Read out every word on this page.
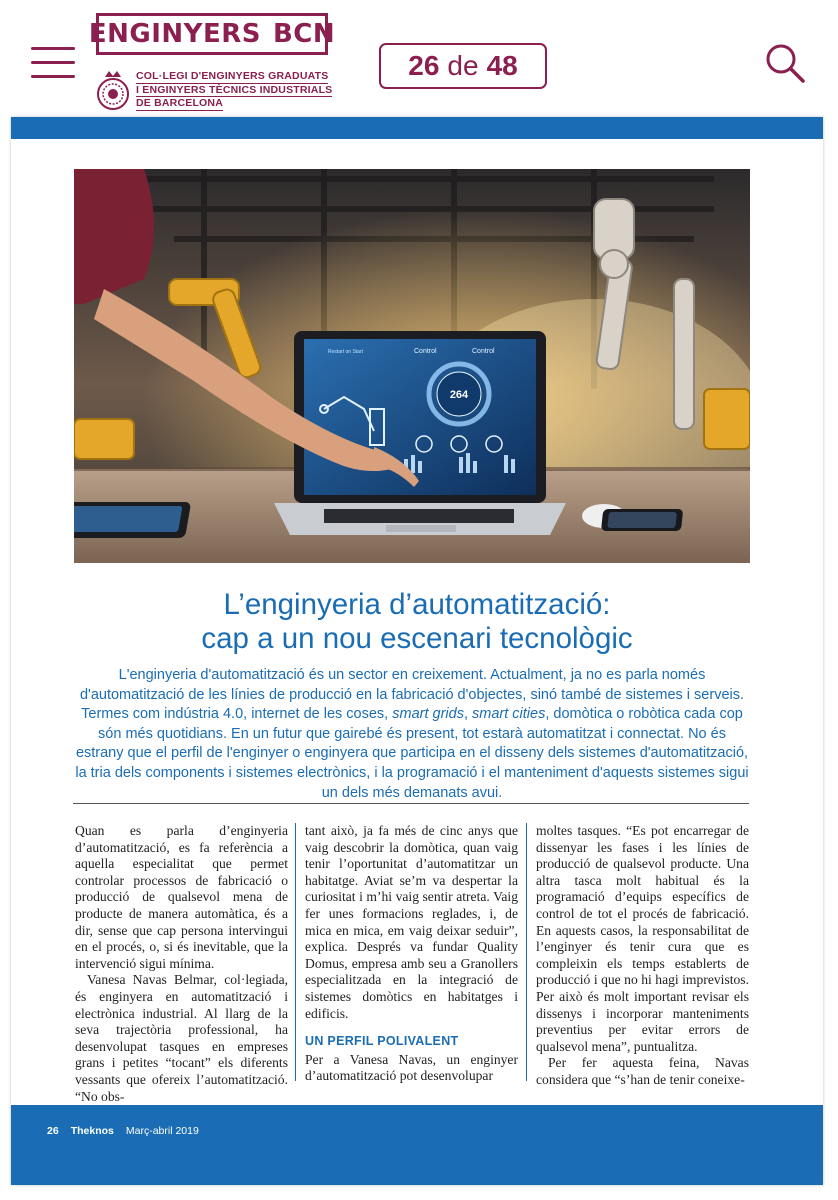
ENGINYERS BCN
COL·LEGI D'ENGINYERS GRADUATS
I ENGINYERS TÈCNICS INDUSTRIALS
DE BARCELONA
26 de 48
Restart on Start	Control	Control
264
L’enginyeria d’automatització:
cap a un nou escenari tecnològic
L'enginyeria d'automatització és un sector en creixement. Actualment, ja no es parla només d'automatització de les línies de producció en la fabricació d'objectes, sinó també de sistemes i serveis. Termes com indústria 4.0, internet de les coses, smart grids, smart cities, domòtica o robòtica cada cop són més quotidians. En un futur que gairebé és present, tot estarà automatitzat i connectat. No és estrany que el perfil de l'enginyer o enginyera que participa en el disseny dels sistemes d'automatització, la tria dels components i sistemes electrònics, i la programació i el manteniment d'aquests sistemes sigui un dels més demanats avui.

Quan es parla d’enginyeria d’automatització, es fa referència a aquella especialitat que permet controlar processos de fabricació o producció de qualsevol mena de producte de manera automàtica, és a dir, sense que cap persona intervingui en el procés, o, si és inevitable, que la intervenció sigui mínima.

Vanesa Navas Belmar, col·legiada, és enginyera en automatització i electrònica industrial. Al llarg de la seva trajectòria professional, ha desenvolupat tasques en empreses grans i petites “tocant” els diferents vessants que ofereix l’automatització. “No obs-

tant això, ja fa més de cinc anys que vaig descobrir la domòtica, quan vaig tenir l’oportunitat d’automatitzar un habitatge. Aviat se’m va despertar la curiositat i m’hi vaig sentir atreta. Vaig fer unes formacions reglades, i, de mica en mica, em vaig deixar seduir”, explica. Després va fundar Quality Domus, empresa amb seu a Granollers especialitzada en la integració de sistemes domòtics en habitatges i edificis.

UN PERFIL POLIVALENT

Per a Vanesa Navas, un enginyer d’automatització pot desenvolupar

moltes tasques. “Es pot encarregar de dissenyar les fases i les línies de producció de qualsevol producte. Una altra tasca molt habitual és la programació d’equips específics de control de tot el procés de fabricació. En aquests casos, la responsabilitat de l’enginyer és tenir cura que es compleixin els temps establerts de producció i que no hi hagi imprevistos. Per això és molt important revisar els dissenys i incorporar manteniments preventius per evitar errors de qualsevol mena”, puntualitza.

Per fer aquesta feina, Navas considera que “s’han de tenir coneixe-

26 Theknos Març-abril 2019
